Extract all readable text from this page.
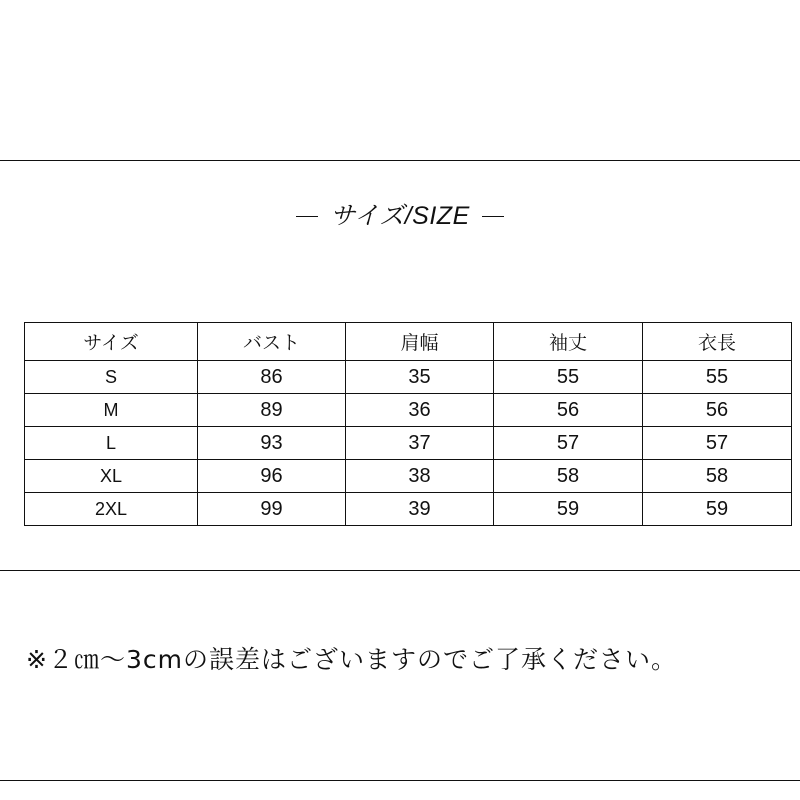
サイズ/SIZE
サイズ	バスト	肩幅	袖丈	衣長
S	86	35	55	55
M	89	36	56	56
L	93	37	57	57
XL	96	38	58	58
2XL	99	39	59	59
※２㎝〜3cmの誤差はございますのでご了承ください。
